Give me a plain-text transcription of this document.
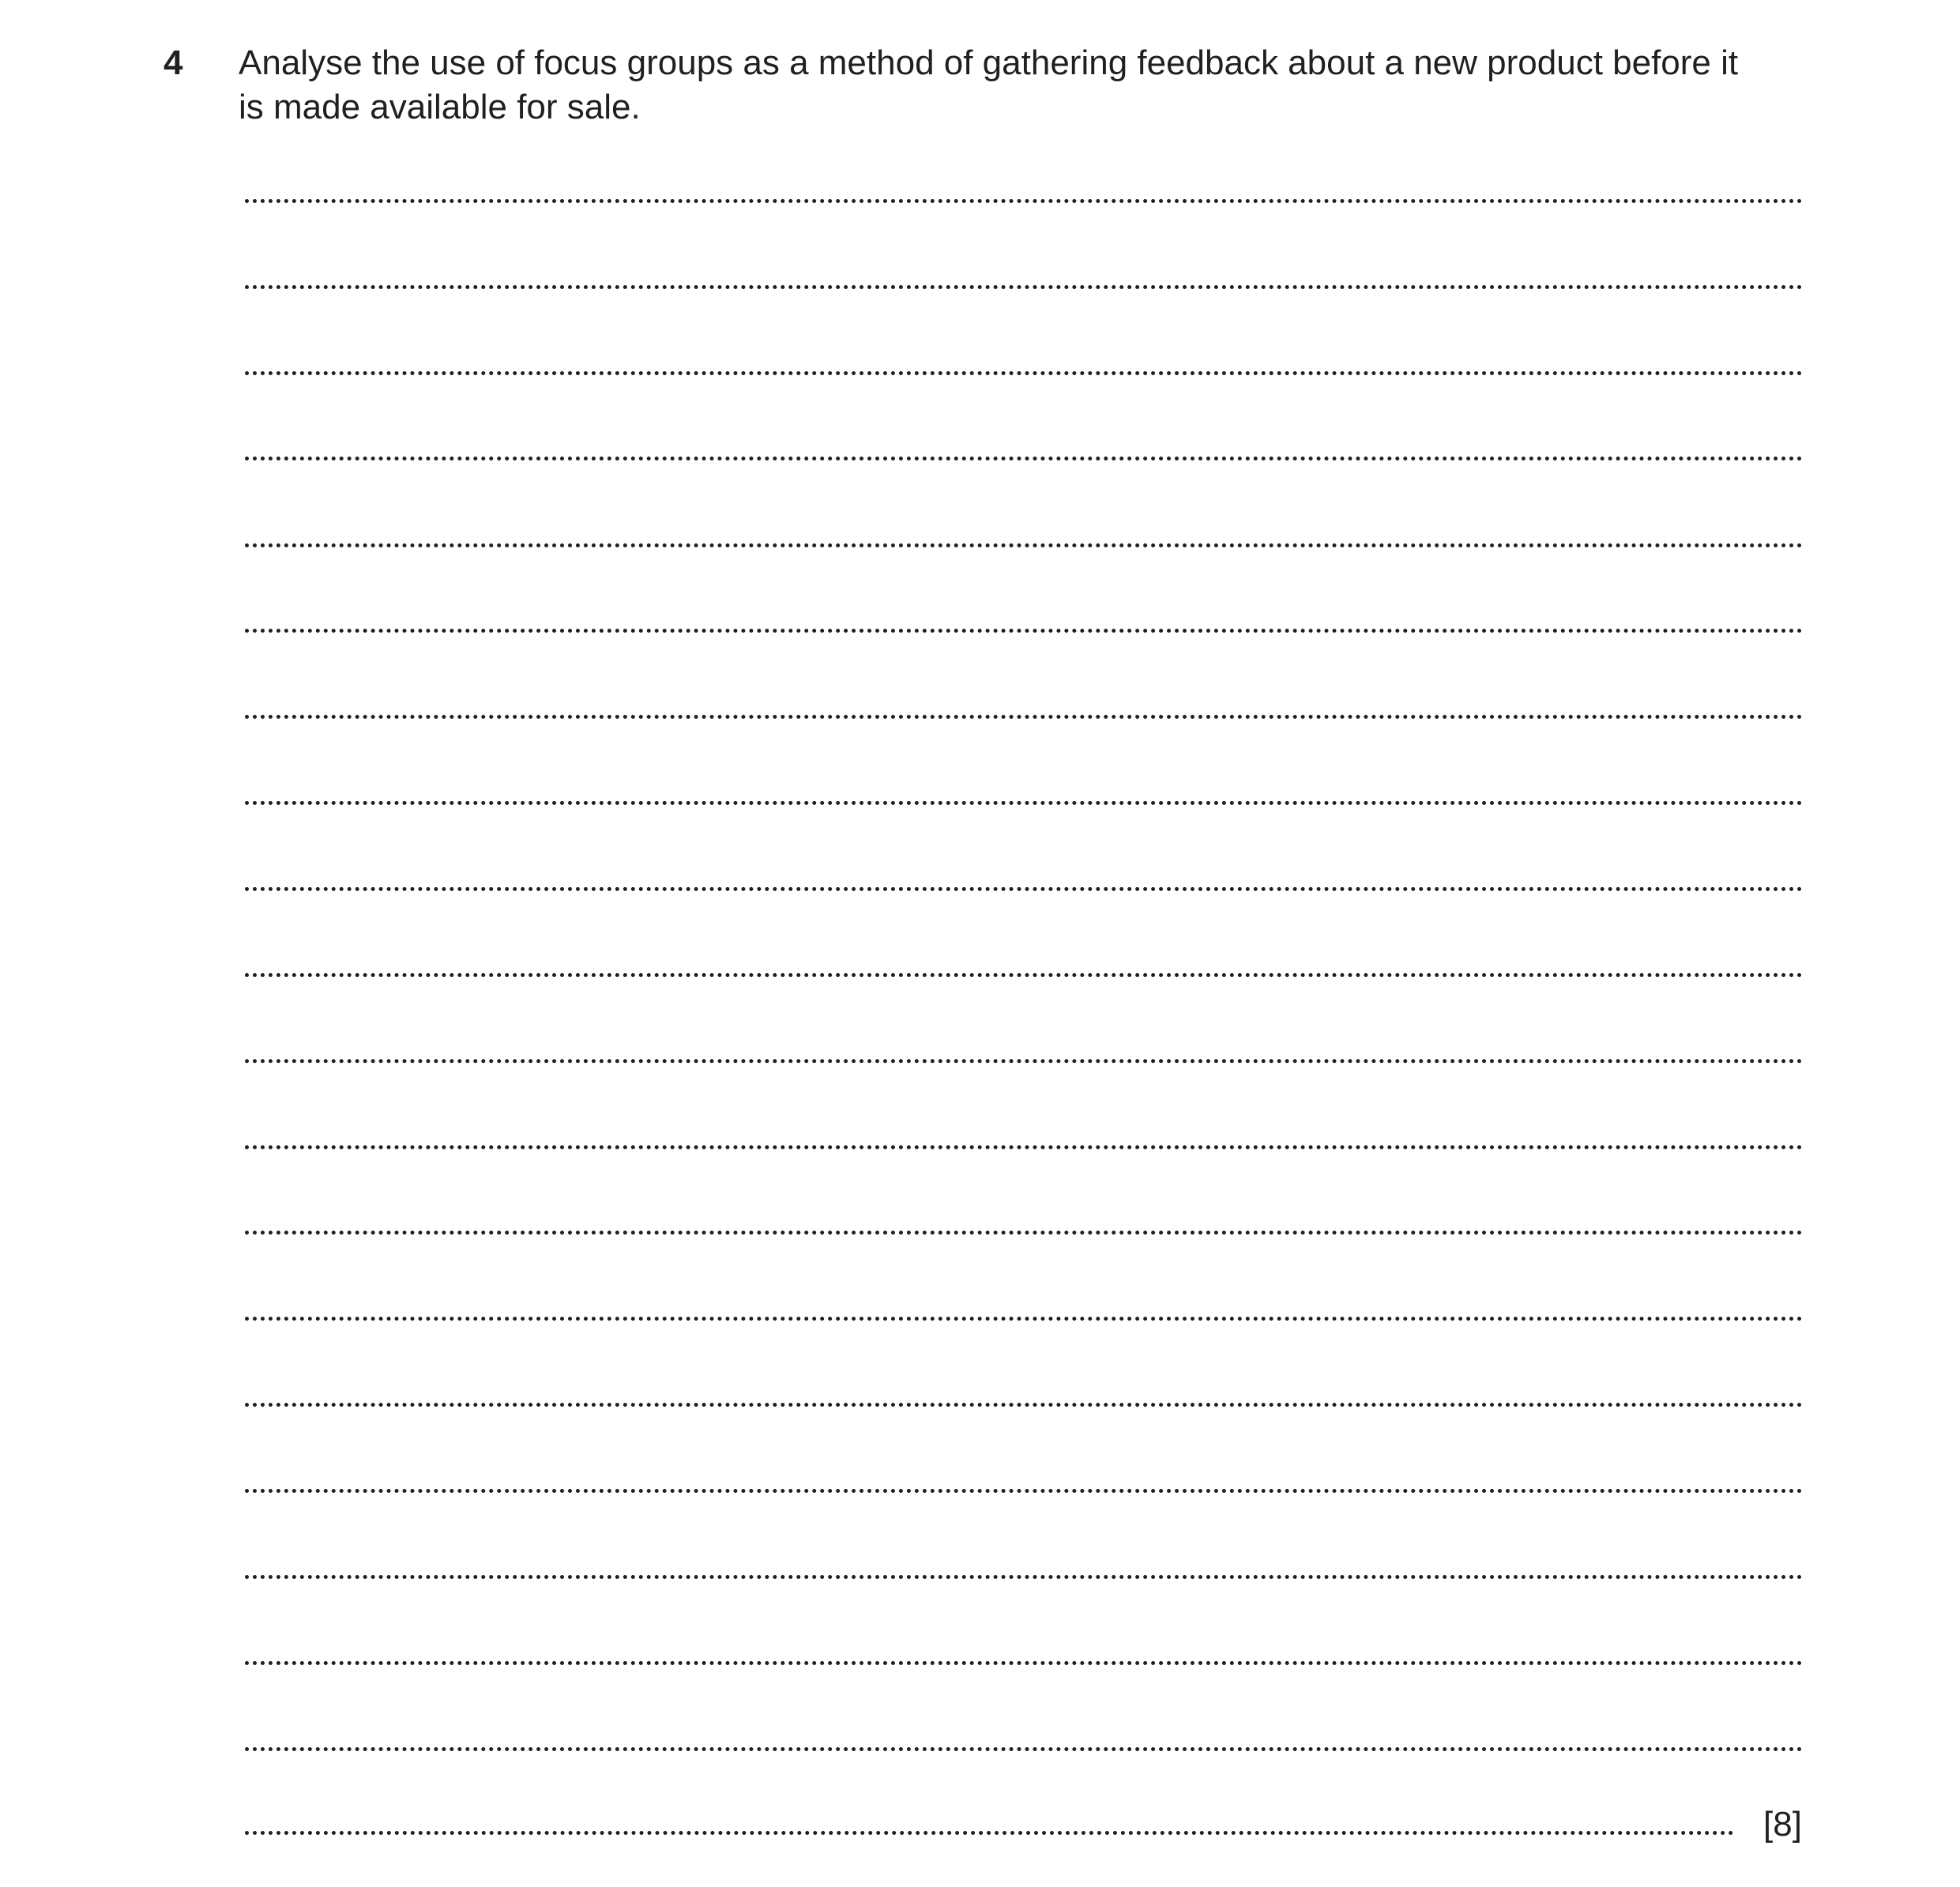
4 Analyse the use of focus groups as a method of gathering feedback about a new product before it
is made available for sale.
[8]
